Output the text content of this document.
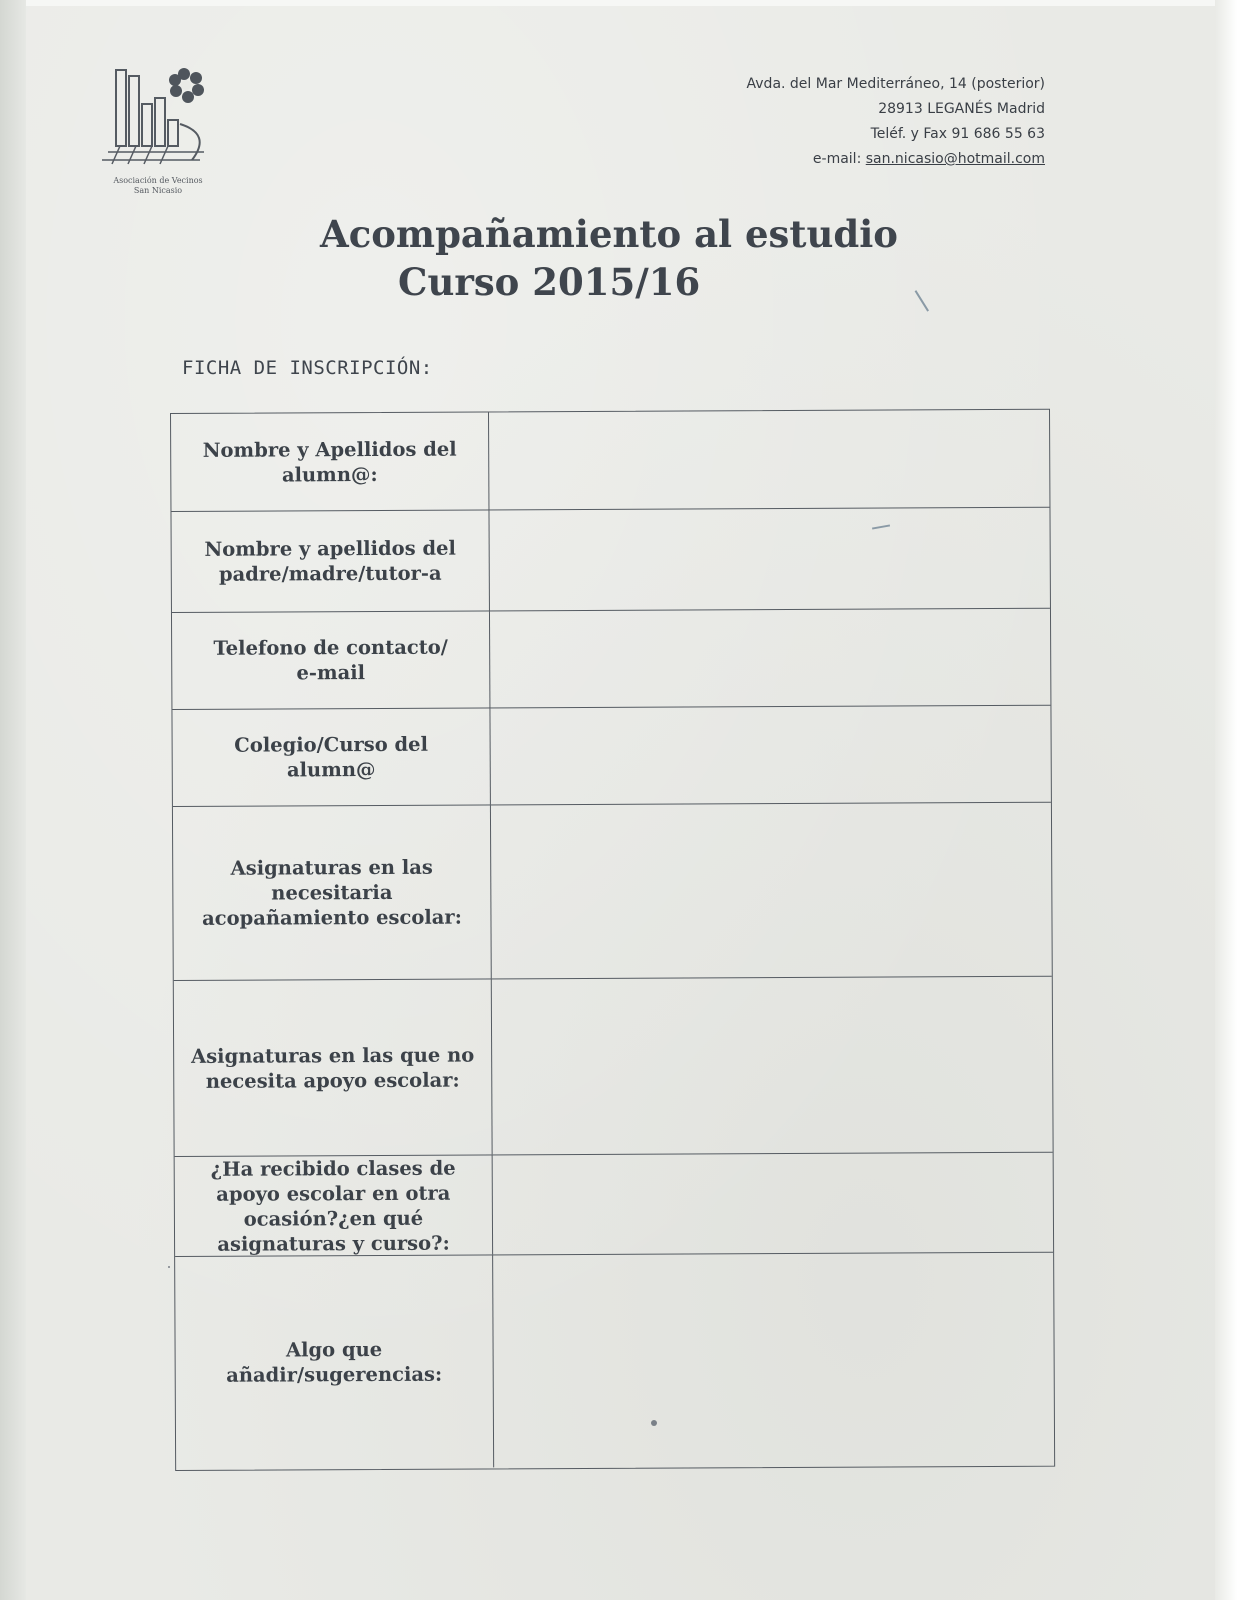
Asociación de Vecinos
San Nicasio
Avda. del Mar Mediterráneo, 14 (posterior)
28913 LEGANÉS Madrid
Teléf. y Fax 91 686 55 63
e-mail: san.nicasio@hotmail.com
Acompañamiento al estudio
Curso 2015/16
FICHA DE INSCRIPCIÓN:
Nombre y Apellidos del
alumn@:
Nombre y apellidos del
padre/madre/tutor-a
Telefono de contacto/
e-mail
Colegio/Curso del
alumn@
Asignaturas en las
necesitaria
acopañamiento escolar:
Asignaturas en las que no
necesita apoyo escolar:
¿Ha recibido clases de
apoyo escolar en otra
ocasión?¿en qué
asignaturas y curso?:
Algo que
añadir/sugerencias:
